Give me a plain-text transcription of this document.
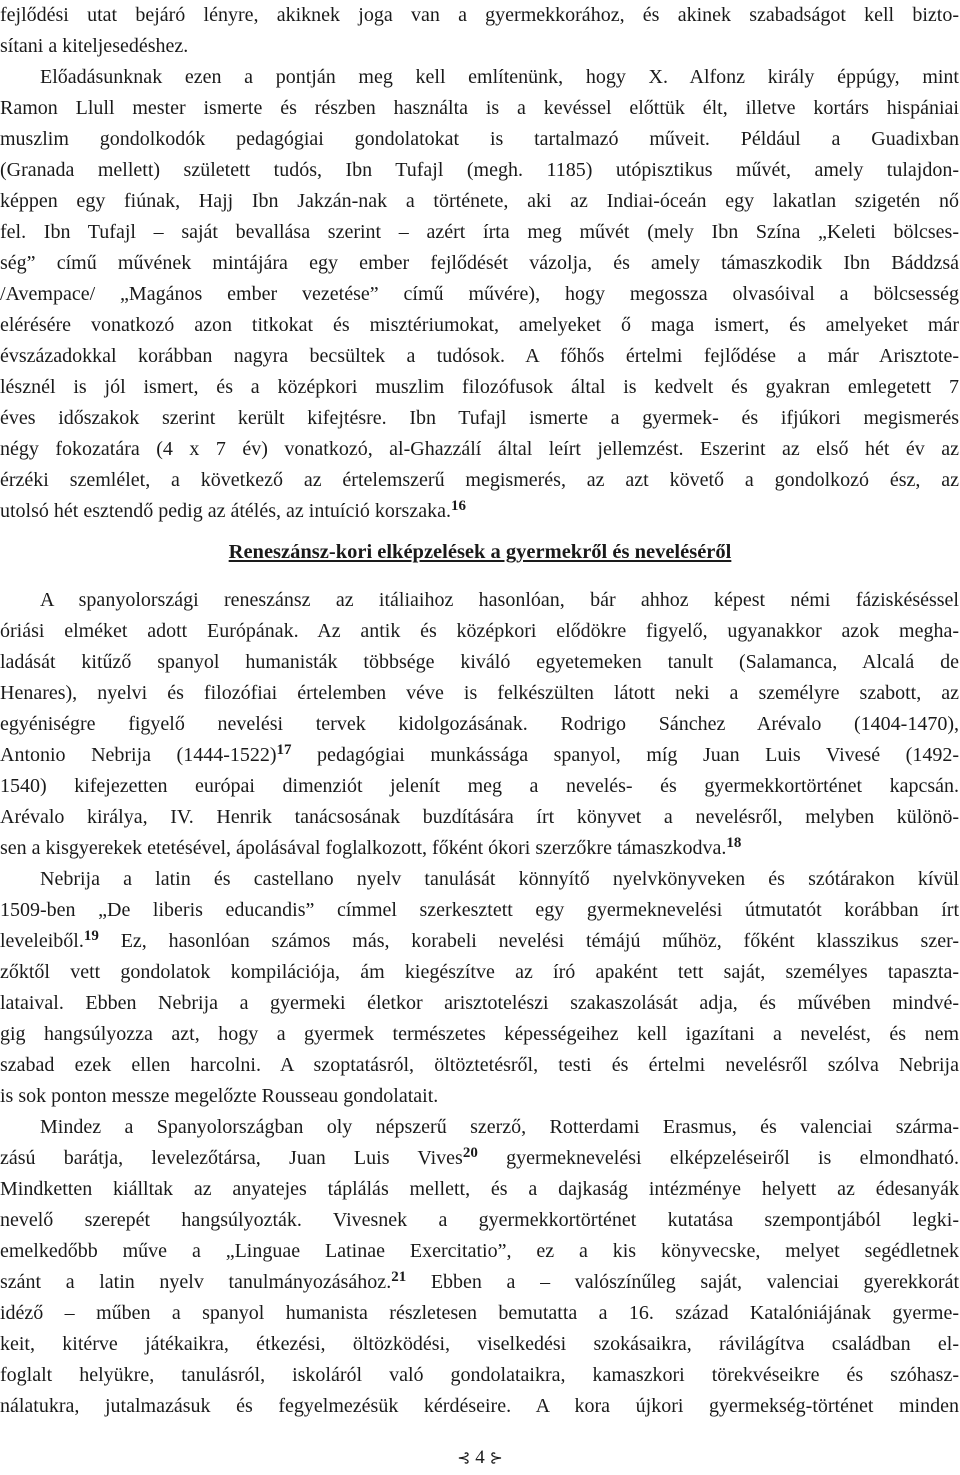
fejlődési utat bejáró lényre, akiknek joga van a gyermekkorához, és akinek szabadságot kell bizto-
sítani a kiteljesedéshez.
Előadásunknak ezen a pontján meg kell említenünk, hogy X. Alfonz király éppúgy, mint
Ramon Llull mester ismerte és részben használta is a kevéssel előttük élt, illetve kortárs hispániai
muszlim gondolkodók pedagógiai gondolatokat is tartalmazó műveit. Például a Guadixban
(Granada mellett) született tudós, Ibn Tufajl (megh. 1185) utópisztikus művét, amely tulajdon-
képpen egy fiúnak, Hajj Ibn Jakzán-nak a története, aki az Indiai-óceán egy lakatlan szigetén nő
fel. Ibn Tufajl – saját bevallása szerint – azért írta meg művét (mely Ibn Szína „Keleti bölcses-
ség” című művének mintájára egy ember fejlődését vázolja, és amely támaszkodik Ibn Báddzsá
/Avempace/ „Magános ember vezetése” című művére), hogy megossza olvasóival a bölcsesség
elérésére vonatkozó azon titkokat és misztériumokat, amelyeket ő maga ismert, és amelyeket már
évszázadokkal korábban nagyra becsültek a tudósok. A főhős értelmi fejlődése a már Arisztote-
lésznél is jól ismert, és a középkori muszlim filozófusok által is kedvelt és gyakran emlegetett 7
éves időszakok szerint került kifejtésre. Ibn Tufajl ismerte a gyermek- és ifjúkori megismerés
négy fokozatára (4 x 7 év) vonatkozó, al-Ghazzálí által leírt jellemzést. Eszerint az első hét év az
érzéki szemlélet, a következő az értelemszerű megismerés, az azt követő a gondolkozó ész, az
utolsó hét esztendő pedig az átélés, az intuíció korszaka.$^{16}$
Reneszánsz-kori elképzelések a gyermekről és neveléséről
A spanyolországi reneszánsz az itáliaihoz hasonlóan, bár ahhoz képest némi fáziskéséssel
óriási elméket adott Európának. Az antik és középkori elődökre figyelő, ugyanakkor azok megha-
ladását kitűző spanyol humanisták többsége kiváló egyetemeken tanult (Salamanca, Alcalá de
Henares), nyelvi és filozófiai értelemben véve is felkészülten látott neki a személyre szabott, az
egyéniségre figyelő nevelési tervek kidolgozásának. Rodrigo Sánchez Arévalo (1404-1470),
Antonio Nebrija (1444-1522)$^{17}$ pedagógiai munkássága spanyol, míg Juan Luis Vivesé (1492-
1540) kifejezetten európai dimenziót jelenít meg a nevelés- és gyermekkortörténet kapcsán.
Arévalo királya, IV. Henrik tanácsosának buzdítására írt könyvet a nevelésről, melyben különö-
sen a kisgyerekek etetésével, ápolásával foglalkozott, főként ókori szerzőkre támaszkodva.$^{18}$
Nebrija a latin és castellano nyelv tanulását könnyítő nyelvkönyveken és szótárakon kívül
1509-ben „De liberis educandis” címmel szerkesztett egy gyermeknevelési útmutatót korábban írt
leveleiből.$^{19}$ Ez, hasonlóan számos más, korabeli nevelési témájú műhöz, főként klasszikus szer-
zőktől vett gondolatok kompilációja, ám kiegészítve az író apaként tett saját, személyes tapaszta-
lataival. Ebben Nebrija a gyermeki életkor arisztotelészi szakaszolását adja, és művében mindvé-
gig hangsúlyozza azt, hogy a gyermek természetes képességeihez kell igazítani a nevelést, és nem
szabad ezek ellen harcolni. A szoptatásról, öltöztetésről, testi és értelmi nevelésről szólva Nebrija
is sok ponton messze megelőzte Rousseau gondolatait.
Mindez a Spanyolországban oly népszerű szerző, Rotterdami Erasmus, és valenciai szárma-
zású barátja, levelezőtársa, Juan Luis Vives$^{20}$ gyermeknevelési elképzeléseiről is elmondható.
Mindketten kiálltak az anyatejes táplálás mellett, és a dajkaság intézménye helyett az édesanyák
nevelő szerepét hangsúlyozták. Vivesnek a gyermekkortörténet kutatása szempontjából legki-
emelkedőbb műve a „Linguae Latinae Exercitatio”, ez a kis könyvecske, melyet segédletnek
szánt a latin nyelv tanulmányozásához.$^{21}$ Ebben a – valószínűleg saját, valenciai gyerekkorát
idéző – műben a spanyol humanista részletesen bemutatta a 16. század Katalóniájának gyerme-
keit, kitérve játékaikra, étkezési, öltözködési, viselkedési szokásaikra, rávilágítva családban el-
foglalt helyükre, tanulásról, iskoláról való gondolataikra, kamaszkori törekvéseikre és szóhasz-
nálatukra, jutalmazásuk és fegyelmezésük kérdéseire. A kora újkori gyermekség-történet minden
⊰ 4 ⊱
